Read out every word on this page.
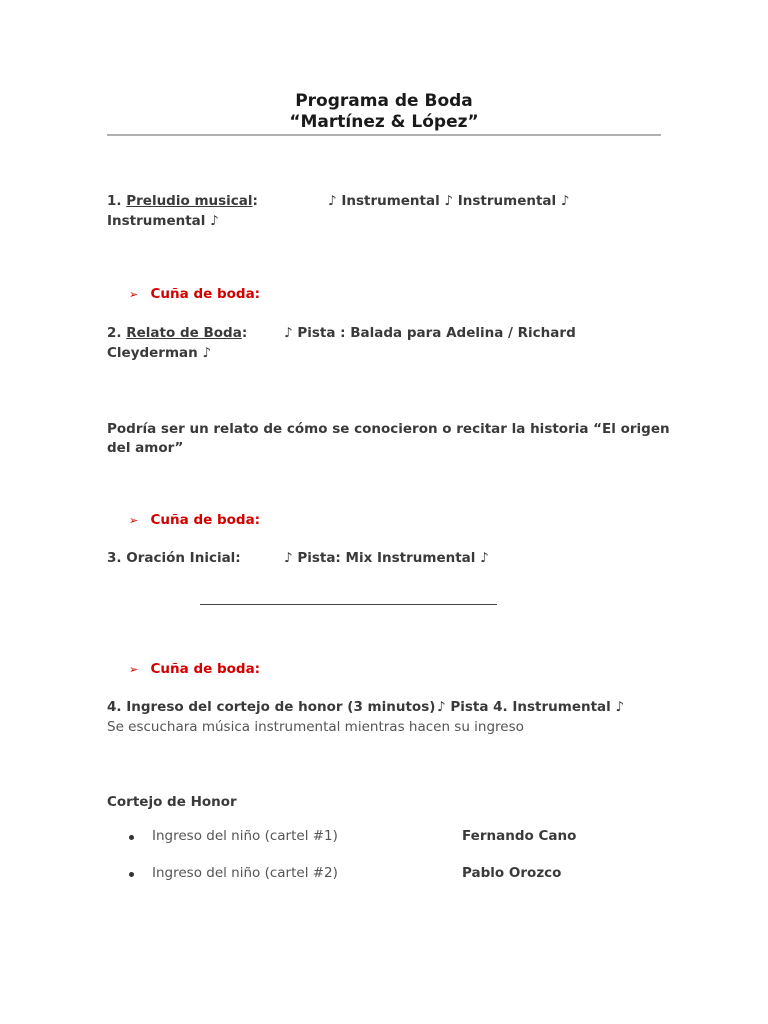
Programa de Boda
“Martínez & López”
1. Preludio musical:	♪ Instrumental ♪ Instrumental ♪
Instrumental ♪
➢ Cuña de boda:
2. Relato de Boda:	♪ Pista : Balada para Adelina / Richard
Cleyderman ♪
Podría ser un relato de cómo se conocieron o recitar la historia “El origen
del amor”
➢ Cuña de boda:
3. Oración Inicial:	♪ Pista: Mix Instrumental ♪
➢ Cuña de boda:
4. Ingreso del cortejo de honor (3 minutos) ♪ Pista 4. Instrumental ♪
Se escuchara música instrumental mientras hacen su ingreso
Cortejo de Honor
Ingreso del niño (cartel #1)	Fernando Cano
Ingreso del niño (cartel #2)	Pablo Orozco
